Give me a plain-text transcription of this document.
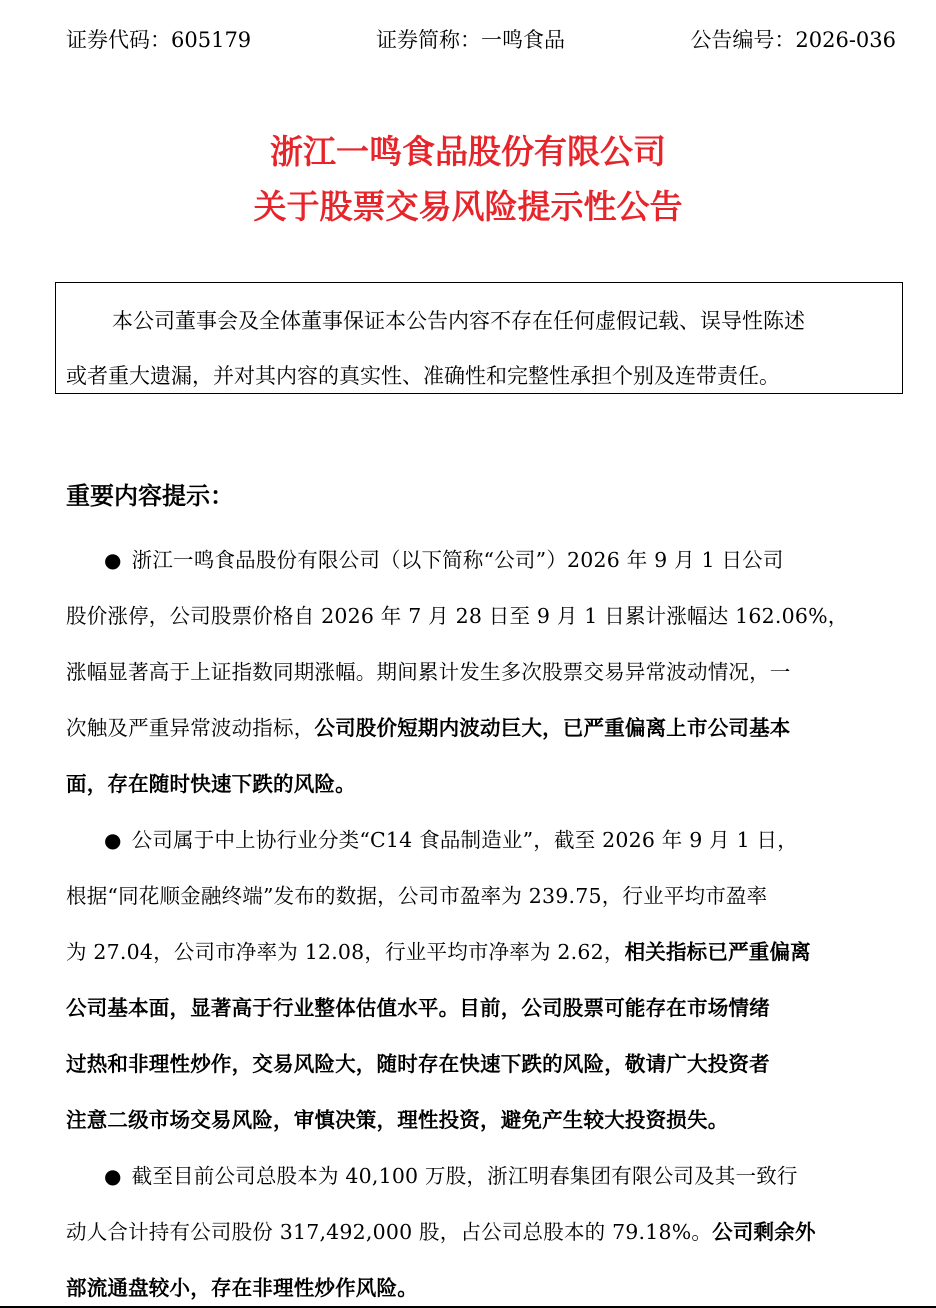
证券代码：605179	证券简称：一鸣食品	公告编号：2026-036
浙江一鸣食品股份有限公司
关于股票交易风险提示性公告
本公司董事会及全体董事保证本公告内容不存在任何虚假记载、误导性陈述
或者重大遗漏，并对其内容的真实性、准确性和完整性承担个别及连带责任。
重要内容提示：
● 浙江一鸣食品股份有限公司（以下简称“公司”）2026 年 9 月 1 日公司
股价涨停，公司股票价格自 2026 年 7 月 28 日至 9 月 1 日累计涨幅达 162.06%，
涨幅显著高于上证指数同期涨幅。期间累计发生多次股票交易异常波动情况，一
次触及严重异常波动指标，公司股价短期内波动巨大，已严重偏离上市公司基本
面，存在随时快速下跌的风险。
● 公司属于中上协行业分类“C14 食品制造业”，截至 2026 年 9 月 1 日，
根据“同花顺金融终端”发布的数据，公司市盈率为 239.75，行业平均市盈率
为 27.04，公司市净率为 12.08，行业平均市净率为 2.62，相关指标已严重偏离
公司基本面，显著高于行业整体估值水平。目前，公司股票可能存在市场情绪
过热和非理性炒作，交易风险大，随时存在快速下跌的风险，敬请广大投资者
注意二级市场交易风险，审慎决策，理性投资，避免产生较大投资损失。
● 截至目前公司总股本为 40,100 万股，浙江明春集团有限公司及其一致行
动人合计持有公司股份 317,492,000 股，占公司总股本的 79.18%。公司剩余外
部流通盘较小，存在非理性炒作风险。
